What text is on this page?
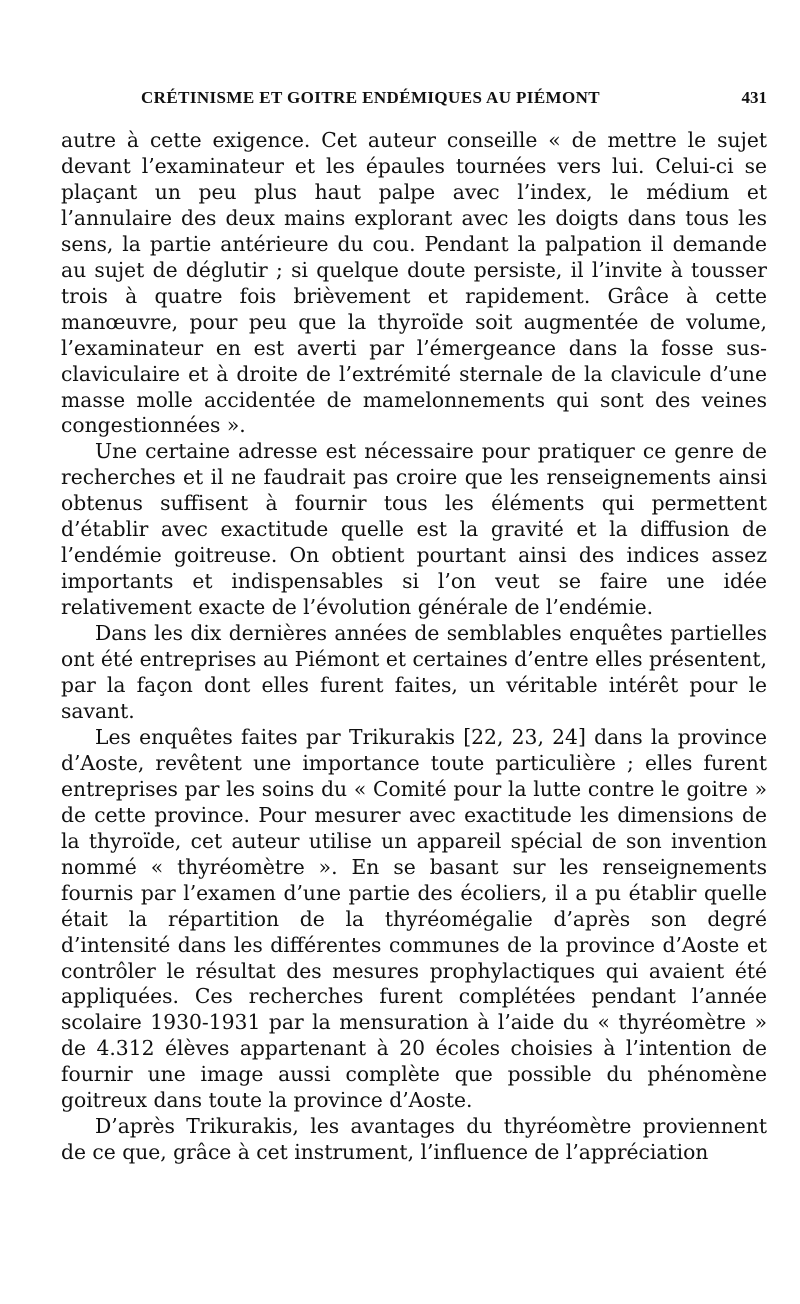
CRÉTINISME ET GOITRE ENDÉMIQUES AU PIÉMONT	431

autre à cette exigence. Cet auteur conseille « de mettre le sujet devant l’examinateur et les épaules tournées vers lui. Celui-ci se plaçant un peu plus haut palpe avec l’index, le médium et l’annulaire des deux mains explorant avec les doigts dans tous les sens, la partie antérieure du cou. Pendant la palpation il demande au sujet de déglutir ; si quelque doute persiste, il l’invite à tousser trois à quatre fois brièvement et rapidement. Grâce à cette manœuvre, pour peu que la thyroïde soit augmentée de volume, l’examinateur en est averti par l’émergeance dans la fosse sus-claviculaire et à droite de l’extrémité sternale de la clavicule d’une masse molle accidentée de mamelonnements qui sont des veines congestionnées ».

Une certaine adresse est nécessaire pour pratiquer ce genre de recherches et il ne faudrait pas croire que les renseignements ainsi obtenus suffisent à fournir tous les éléments qui permettent d’établir avec exactitude quelle est la gravité et la diffusion de l’endémie goitreuse. On obtient pourtant ainsi des indices assez importants et indispensables si l’on veut se faire une idée relativement exacte de l’évolution générale de l’endémie.

Dans les dix dernières années de semblables enquêtes partielles ont été entreprises au Piémont et certaines d’entre elles présentent, par la façon dont elles furent faites, un véritable intérêt pour le savant.

Les enquêtes faites par Trikurakis [22, 23, 24] dans la province d’Aoste, revêtent une importance toute particulière ; elles furent entreprises par les soins du « Comité pour la lutte contre le goitre » de cette province. Pour mesurer avec exactitude les dimensions de la thyroïde, cet auteur utilise un appareil spécial de son invention nommé « thyréomètre ». En se basant sur les renseignements fournis par l’examen d’une partie des écoliers, il a pu établir quelle était la répartition de la thyréomégalie d’après son degré d’intensité dans les différentes communes de la province d’Aoste et contrôler le résultat des mesures prophylactiques qui avaient été appliquées. Ces recherches furent complétées pendant l’année scolaire 1930-1931 par la mensuration à l’aide du « thyréomètre » de 4.312 élèves appartenant à 20 écoles choisies à l’intention de fournir une image aussi complète que possible du phénomène goitreux dans toute la province d’Aoste.

D’après Trikurakis, les avantages du thyréomètre proviennent de ce que, grâce à cet instrument, l’influence de l’appréciation
